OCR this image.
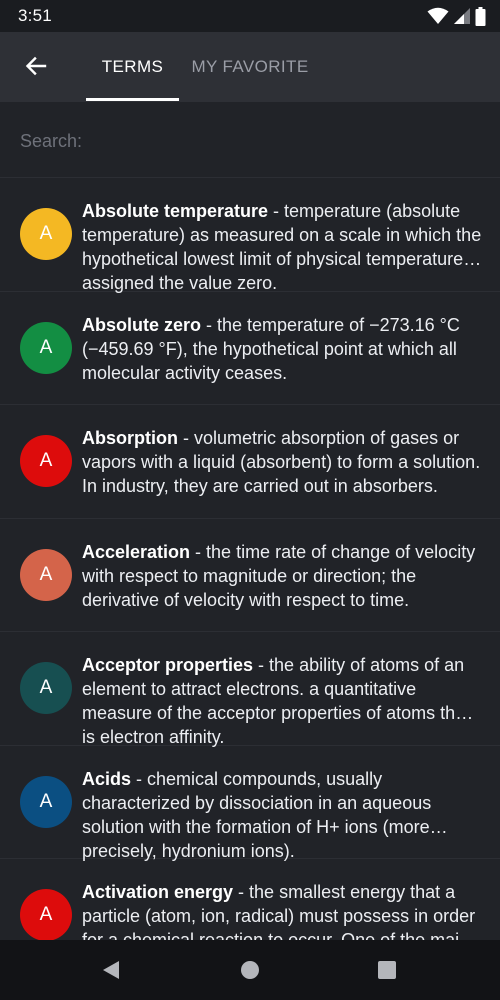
3:51
TERMS	MY FAVORITE
Search:
A
Absolute temperature - temperature (absolute temperature) as measured on a scale in which the hypothetical lowest limit of physical temperature is assigned the value zero.
A
Absolute zero - the temperature of −273.16 °C (−459.69 °F), the hypothetical point at which all molecular activity ceases.
A
Absorption - volumetric absorption of gases or vapors with a liquid (absorbent) to form a solution. In industry, they are carried out in absorbers.
A
Acceleration - the time rate of change of velocity with respect to magnitude or direction; the derivative of velocity with respect to time.
A
Acceptor properties - the ability of atoms of an element to attract electrons. a quantitative measure of the acceptor properties of atoms that is electron affinity.
A
Acids - chemical compounds, usually characterized by dissociation in an aqueous solution with the formation of H+ ions (more precisely, hydronium ions).
A
Activation energy - the smallest energy that a particle (atom, ion, radical) must possess in order
